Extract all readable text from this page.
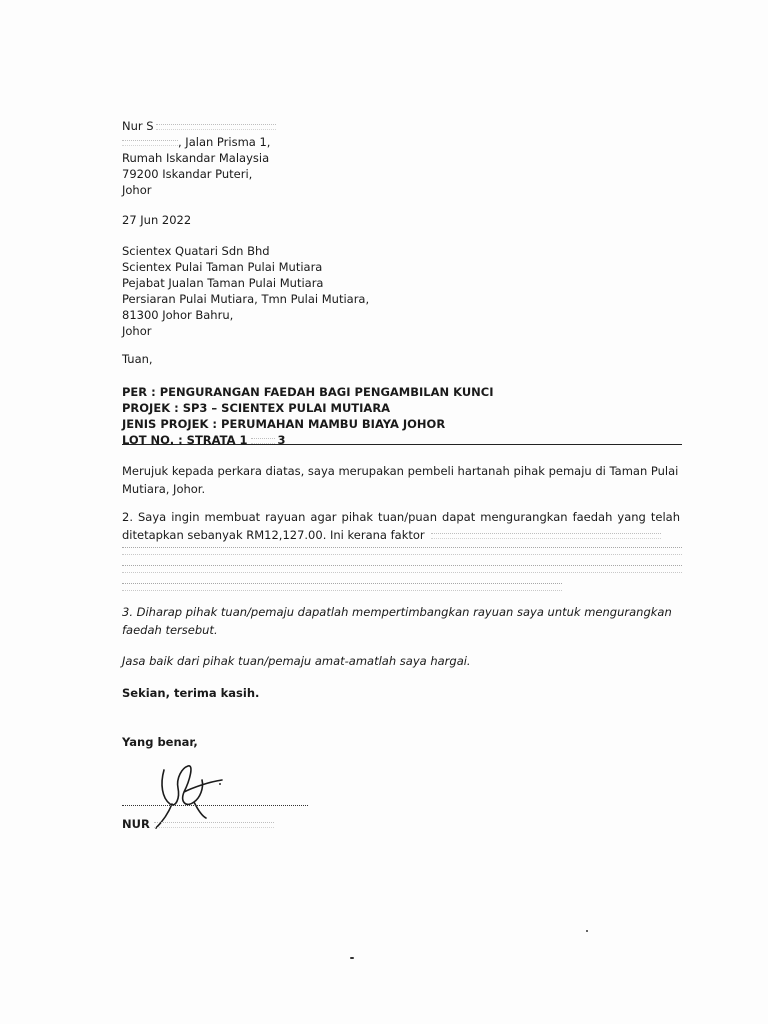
Nur S
, Jalan Prisma 1,
Rumah Iskandar Malaysia
79200 Iskandar Puteri,
Johor
27 Jun 2022
Scientex Quatari Sdn Bhd
Scientex Pulai Taman Pulai Mutiara
Pejabat Jualan Taman Pulai Mutiara
Persiaran Pulai Mutiara, Tmn Pulai Mutiara,
81300 Johor Bahru,
Johor
Tuan,
PER : PENGURANGAN FAEDAH BAGI PENGAMBILAN KUNCI
PROJEK : SP3 – SCIENTEX PULAI MUTIARA
JENIS PROJEK : PERUMAHAN MAMBU BIAYA JOHOR
LOT NO. : STRATA 1	3
Merujuk kepada perkara diatas, saya merupakan pembeli hartanah pihak pemaju di Taman Pulai Mutiara, Johor.
2. Saya ingin membuat rayuan agar pihak tuan/puan dapat mengurangkan faedah yang telah
ditetapkan sebanyak RM12,127.00. Ini kerana faktor
3. Diharap pihak tuan/pemaju dapatlah mempertimbangkan rayuan saya untuk mengurangkan faedah tersebut.
Jasa baik dari pihak tuan/pemaju amat-amatlah saya hargai.
Sekian, terima kasih.
Yang benar,
NUR
